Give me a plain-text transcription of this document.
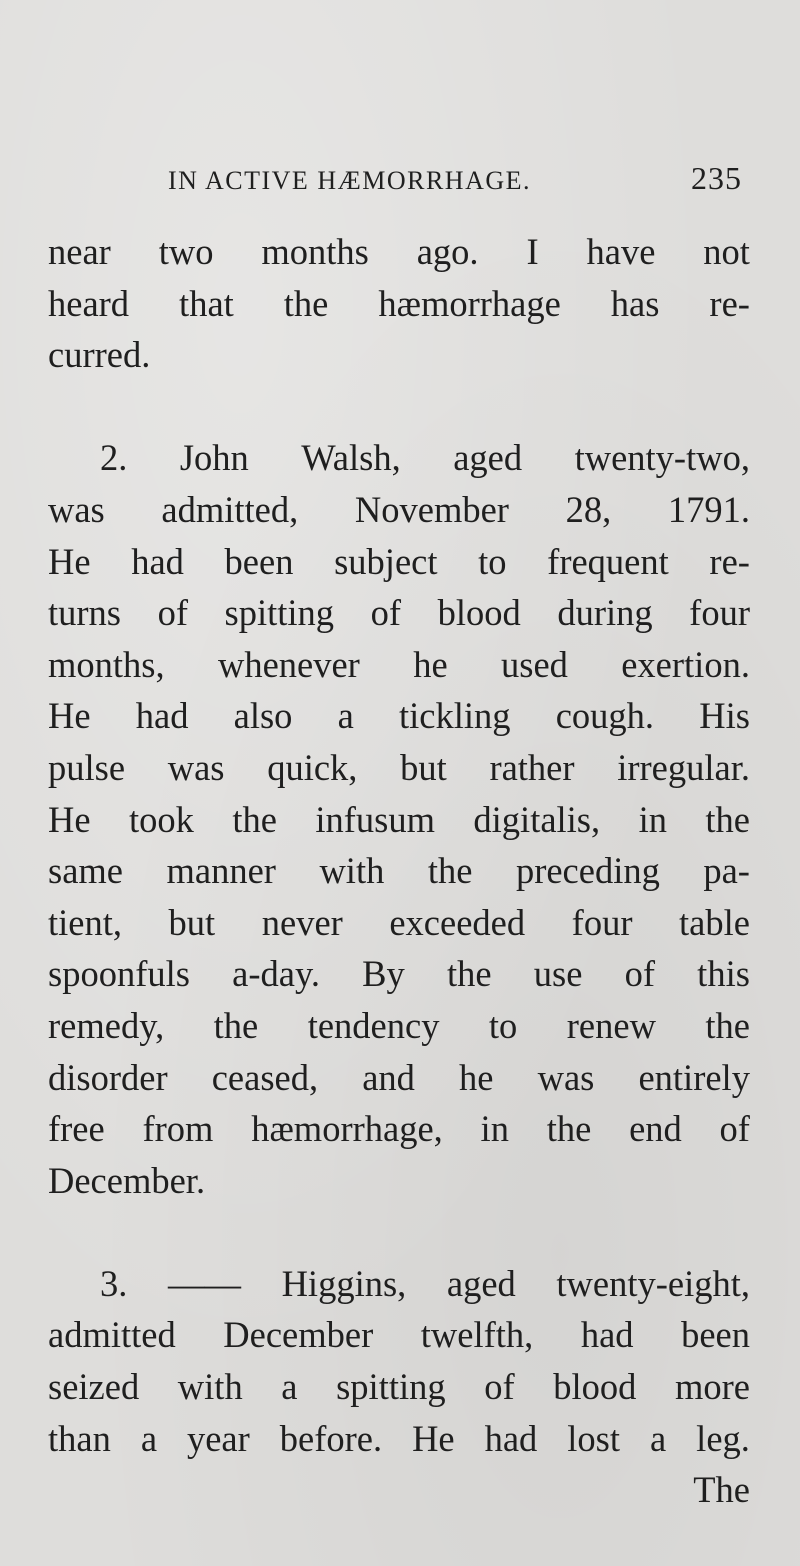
IN ACTIVE HÆMORRHAGE.	235
near two months ago. I have not
heard that the hæmorrhage has re-
curred.
2. John Walsh, aged twenty-two,
was admitted, November 28, 1791.
He had been subject to frequent re-
turns of spitting of blood during four
months, whenever he used exertion.
He had also a tickling cough. His
pulse was quick, but rather irregular.
He took the infusum digitalis, in the
same manner with the preceding pa-
tient, but never exceeded four table
spoonfuls a-day. By the use of this
remedy, the tendency to renew the
disorder ceased, and he was entirely
free from hæmorrhage, in the end of
December.
3. —— Higgins, aged twenty-eight,
admitted December twelfth, had been
seized with a spitting of blood more
than a year before. He had lost a leg.
The
